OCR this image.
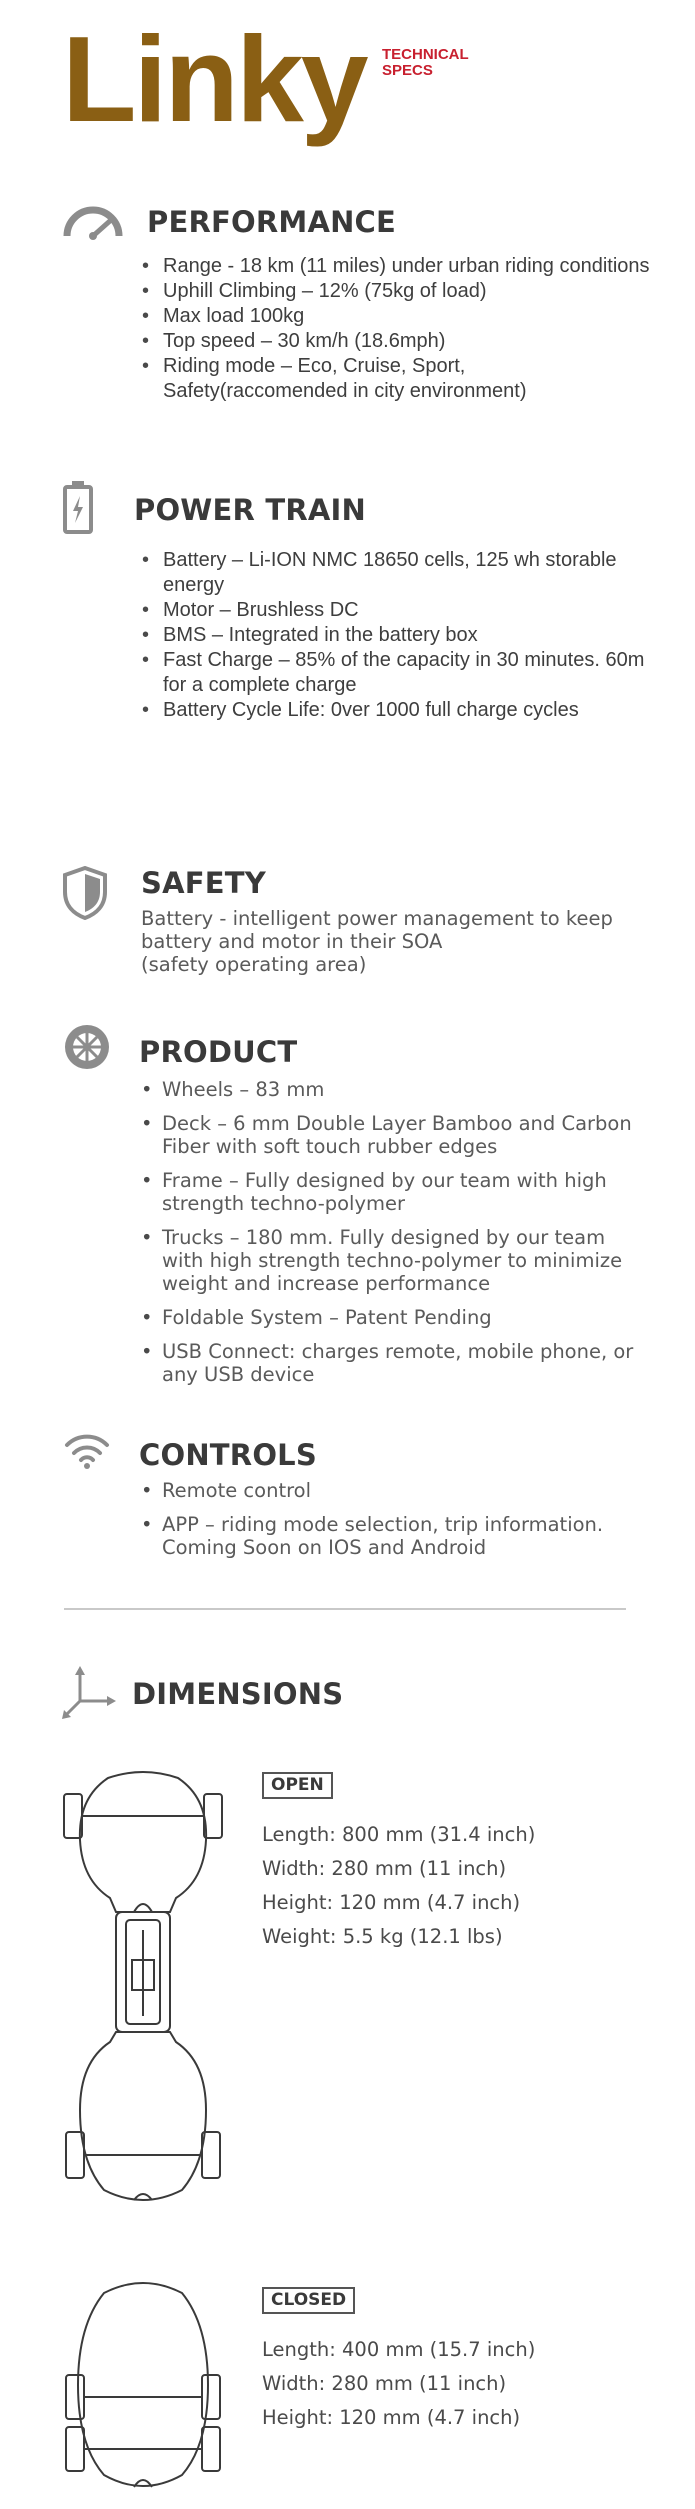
Linky TECHNICAL
SPECS
PERFORMANCE
• Range - 18 km (11 miles) under urban riding conditions
• Uphill Climbing – 12% (75kg of load)
• Max load 100kg
• Top speed – 30 km/h (18.6mph)
• Riding mode – Eco, Cruise, Sport, Safety(raccomended in city environment)
POWER TRAIN
• Battery – Li-ION NMC 18650 cells, 125 wh storable energy
• Motor – Brushless DC
• BMS – Integrated in the battery box
• Fast Charge – 85% of the capacity in 30 minutes. 60m for a complete charge
• Battery Cycle Life: 0ver 1000 full charge cycles
SAFETY
Battery - intelligent power management to keep
battery and motor in their SOA
(safety operating area)
PRODUCT
• Wheels – 83 mm
• Deck – 6 mm Double Layer Bamboo and Carbon Fiber with soft touch rubber edges
• Frame – Fully designed by our team with high strength techno-polymer
• Trucks – 180 mm. Fully designed by our team with high strength techno-polymer to minimize weight and increase performance
• Foldable System – Patent Pending
• USB Connect: charges remote, mobile phone, or any USB device
CONTROLS
• Remote control
• APP – riding mode selection, trip information. Coming Soon on IOS and Android
DIMENSIONS
OPEN
Length: 800 mm (31.4 inch)
Width: 280 mm (11 inch)
Height: 120 mm (4.7 inch)
Weight: 5.5 kg (12.1 lbs)
CLOSED
Length: 400 mm (15.7 inch)
Width: 280 mm (11 inch)
Height: 120 mm (4.7 inch)
